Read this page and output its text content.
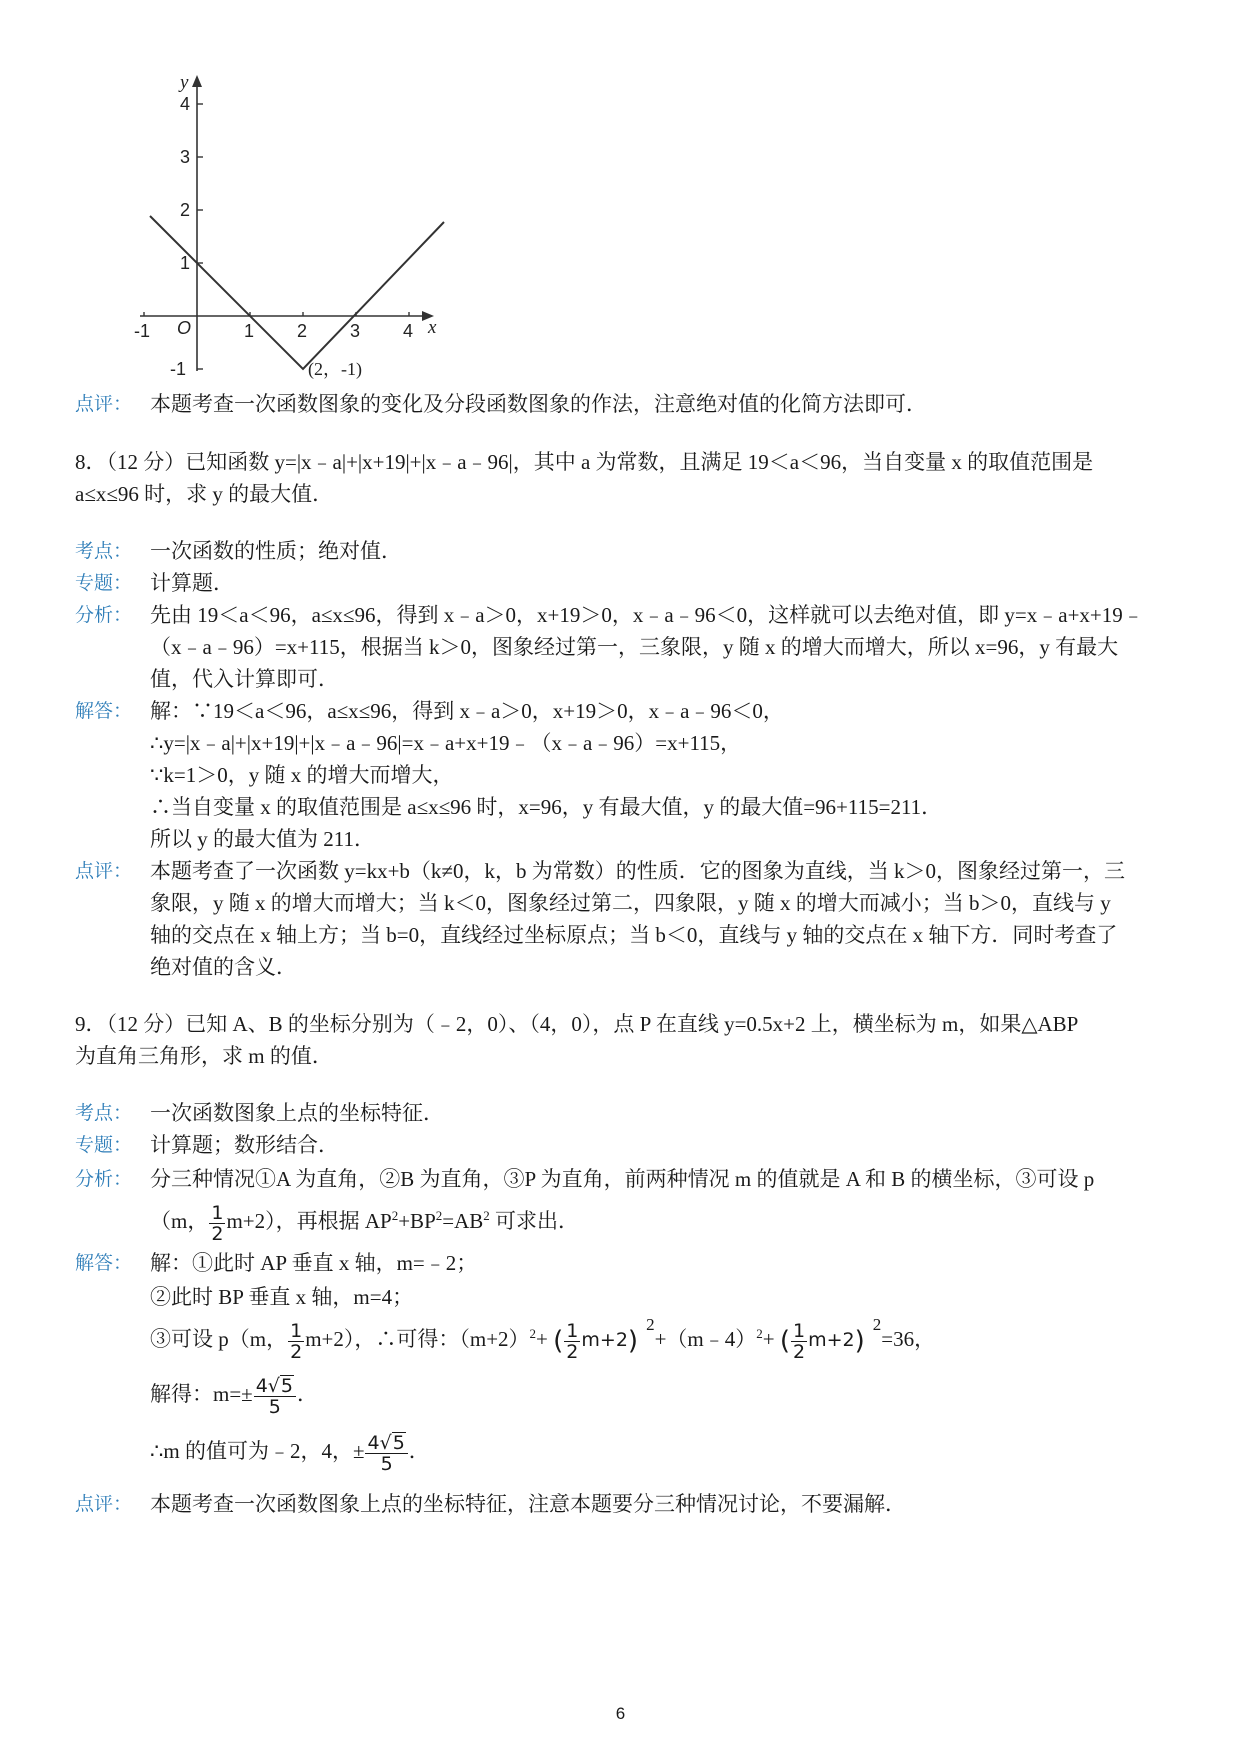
y
x
O
-1	1 2 3 4
4
3
2
1
-1	(2，-1)
点评： 本题考查一次函数图象的变化及分段函数图象的作法，注意绝对值的化简方法即可．
8．（12 分）已知函数 y=|x﹣a|+|x+19|+|x﹣a﹣96|，其中 a 为常数，且满足 19＜a＜96，当自变量 x 的取值范围是
a≤x≤96 时，求 y 的最大值．
考点： 一次函数的性质；绝对值．
专题： 计算题．
分析： 先由 19＜a＜96，a≤x≤96，得到 x﹣a＞0，x+19＞0，x﹣a﹣96＜0，这样就可以去绝对值，即 y=x﹣a+x+19﹣
（x﹣a﹣96）=x+115，根据当 k＞0，图象经过第一，三象限，y 随 x 的增大而增大，所以 x=96，y 有最大
值，代入计算即可．
解答： 解：∵19＜a＜96，a≤x≤96，得到 x﹣a＞0，x+19＞0，x﹣a﹣96＜0，
∴y=|x﹣a|+|x+19|+|x﹣a﹣96|=x﹣a+x+19﹣（x﹣a﹣96）=x+115，
∵k=1＞0，y 随 x 的增大而增大，
∴当自变量 x 的取值范围是 a≤x≤96 时，x=96，y 有最大值，y 的最大值=96+115=211．
所以 y 的最大值为 211．
点评： 本题考查了一次函数 y=kx+b（k≠0，k，b 为常数）的性质．它的图象为直线，当 k＞0，图象经过第一，三
象限，y 随 x 的增大而增大；当 k＜0，图象经过第二，四象限，y 随 x 的增大而减小；当 b＞0，直线与 y
轴的交点在 x 轴上方；当 b=0，直线经过坐标原点；当 b＜0，直线与 y 轴的交点在 x 轴下方．同时考查了
绝对值的含义．
9．（12 分）已知 A、B 的坐标分别为（﹣2，0）、（4，0），点 P 在直线 y=0.5x+2 上，横坐标为 m，如果△ABP
为直角三角形，求 m 的值．
考点： 一次函数图象上点的坐标特征．
专题： 计算题；数形结合．
分析： 分三种情况①A 为直角，②B 为直角，③P 为直角，前两种情况 m 的值就是 A 和 B 的横坐标，③可设 p
（m， $\frac{1}{2} m+2$），再根据 $AP^2+BP^2=AB^2$ 可求出．
解答： 解：①此时 AP 垂直 x 轴，m=﹣2；
②此时 BP 垂直 x 轴，m=4；
③可设 p（m， $\frac{1}{2} m+2$），∴可得：$(m+2)^2+$ ( $\frac{1}{2}$ m+2)$^2$+（m﹣4）$^2$+ ( $\frac{1}{2} m+2)^2=36$，
解得：$m=\pm \frac{4√5}{5}$ ．
∴m 的值可为﹣2，4，± $\frac{4√5}{5}$ ．
点评： 本题考查一次函数图象上点的坐标特征，注意本题要分三种情况讨论，不要漏解．
6
